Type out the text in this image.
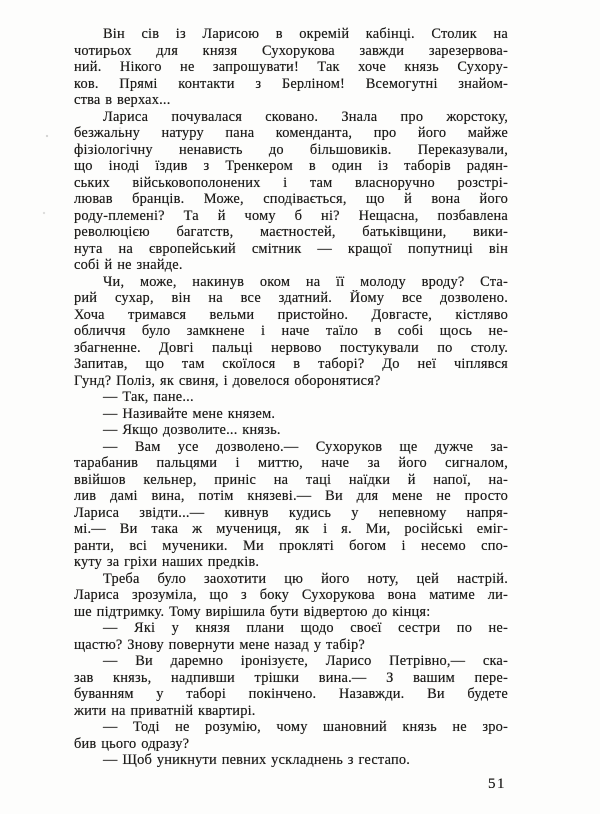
Він сів із Ларисою в окремій кабінці. Столик на
чотирьох для князя Сухорукова завжди зарезервова-
ний. Нікого не запрошувати! Так хоче князь Сухору-
ков. Прямі контакти з Берліном! Всемогутні знайом-
ства в верхах...
Лариса почувалася сковано. Знала про жорстоку,
безжальну натуру пана коменданта, про його майже
фізіологічну ненависть до більшовиків. Переказували,
що іноді їздив з Тренкером в один із таборів радян-
ських військовополонених і там власноручно розстрі-
лював бранців. Може, сподівається, що й вона його
роду-племені? Та й чому б ні? Нещасна, позбавлена
революцією багатств, маєтностей, батьківщини, вики-
нута на європейський смітник — кращої попутниці він
собі й не знайде.
Чи, може, накинув оком на її молоду вроду? Ста-
рий сухар, він на все здатний. Йому все дозволено.
Хоча тримався вельми пристойно. Довгасте, кістляво
обличчя було замкнене і наче таїло в собі щось не-
збагненне. Довгі пальці нервово постукували по столу.
Запитав, що там скоїлося в таборі? До неї чіплявся
Гунд? Поліз, як свиня, і довелося оборонятися?
— Так, пане...
— Називайте мене князем.
— Якщо дозволите... князь.
— Вам усе дозволено.— Сухоруков ще дужче за-
тарабанив пальцями і миттю, наче за його сигналом,
ввійшов кельнер, приніс на таці наїдки й напої, на-
лив дамі вина, потім князеві.— Ви для мене не просто
Лариса звідти...— кивнув кудись у непевному напря-
мі.— Ви така ж мучениця, як і я. Ми, російські еміг-
ранти, всі мученики. Ми прокляті богом і несемо спо-
куту за гріхи наших предків.
Треба було заохотити цю його ноту, цей настрій.
Лариса зрозуміла, що з боку Сухорукова вона матиме ли-
ше підтримку. Тому вирішила бути відвертою до кінця:
— Які у князя плани щодо своєї сестри по не-
щастю? Знову повернути мене назад у табір?
— Ви даремно іронізуєте, Ларисо Петрівно,— ска-
зав князь, надпивши трішки вина.— З вашим пере-
буванням у таборі покінчено. Назавжди. Ви будете
жити на приватній квартирі.
— Тоді не розумію, чому шановний князь не зро-
бив цього одразу?
— Щоб уникнути певних ускладнень з гестапо.
51
